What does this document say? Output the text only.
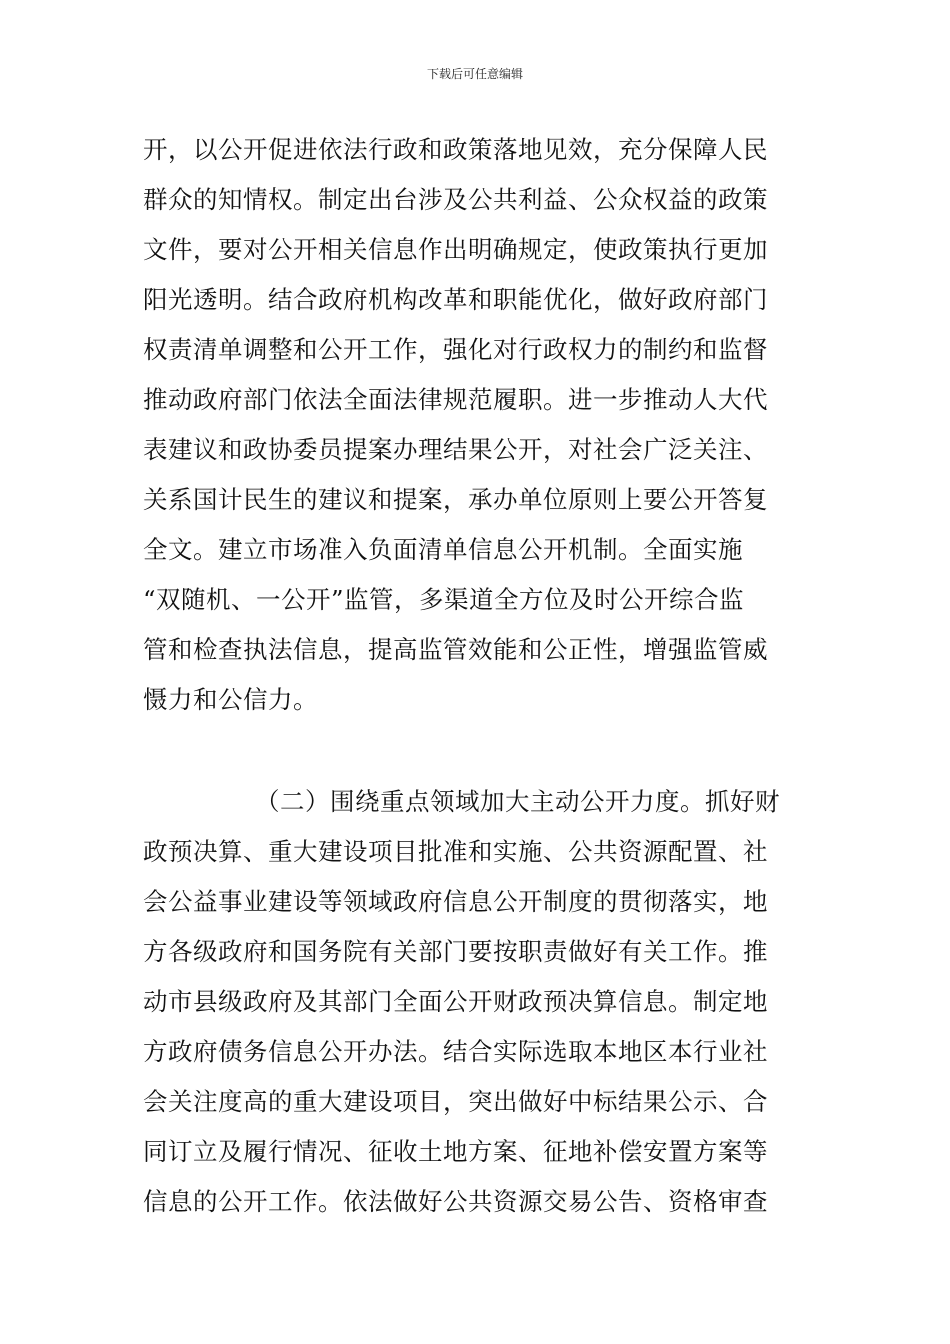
下载后可任意编辑
开，以公开促进依法行政和政策落地见效，充分保障人民
群众的知情权。制定出台涉及公共利益、公众权益的政策
文件，要对公开相关信息作出明确规定，使政策执行更加
阳光透明。结合政府机构改革和职能优化，做好政府部门
权责清单调整和公开工作，强化对行政权力的制约和监督
推动政府部门依法全面法律规范履职。进一步推动人大代
表建议和政协委员提案办理结果公开，对社会广泛关注、
关系国计民生的建议和提案，承办单位原则上要公开答复
全文。建立市场准入负面清单信息公开机制。全面实施
“双随机、一公开”监管，多渠道全方位及时公开综合监
管和检查执法信息，提高监管效能和公正性，增强监管威
慑力和公信力。
（二）围绕重点领域加大主动公开力度。抓好财
政预决算、重大建设项目批准和实施、公共资源配置、社
会公益事业建设等领域政府信息公开制度的贯彻落实，地
方各级政府和国务院有关部门要按职责做好有关工作。推
动市县级政府及其部门全面公开财政预决算信息。制定地
方政府债务信息公开办法。结合实际选取本地区本行业社
会关注度高的重大建设项目，突出做好中标结果公示、合
同订立及履行情况、征收土地方案、征地补偿安置方案等
信息的公开工作。依法做好公共资源交易公告、资格审查
